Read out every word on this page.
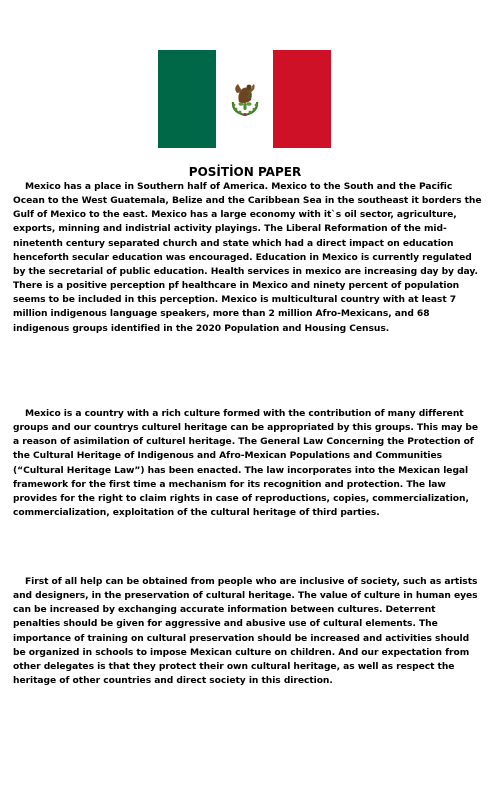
POSİTİON PAPER

Mexico has a place in Southern half of America. Mexico to the South and the Pacific Ocean to the West Guatemala, Belize and the Caribbean Sea in the southeast it borders the Gulf of Mexico to the east. Mexico has a large economy with it`s oil sector, agriculture, exports, minning and indistrial activity playings. The Liberal Reformation of the mid-ninetenth century separated church and state which had a direct impact on education henceforth secular education was encouraged. Education in Mexico is currently regulated by the secretarial of public education. Health services in mexico are increasing day by day. There is a positive perception pf healthcare in Mexico and ninety percent of population seems to be included in this perception. Mexico is multicultural country with at least 7 million indigenous language speakers, more than 2 million Afro-Mexicans, and 68 indigenous groups identified in the 2020 Population and Housing Census.

Mexico is a country with a rich culture formed with the contribution of many different groups and our countrys culturel heritage can be appropriated by this groups. This may be a reason of asimilation of culturel heritage. The General Law Concerning the Protection of the Cultural Heritage of Indigenous and Afro-Mexican Populations and Communities (“Cultural Heritage Law”) has been enacted. The law incorporates into the Mexican legal framework for the first time a mechanism for its recognition and protection. The law provides for the right to claim rights in case of reproductions, copies, commercialization, commercialization, exploitation of the cultural heritage of third parties.

First of all help can be obtained from people who are inclusive of society, such as artists and designers, in the preservation of cultural heritage. The value of culture in human eyes can be increased by exchanging accurate information between cultures. Deterrent penalties should be given for aggressive and abusive use of cultural elements. The importance of training on cultural preservation should be increased and activities should be organized in schools to impose Mexican culture on children. And our expectation from other delegates is that they protect their own cultural heritage, as well as respect the heritage of other countries and direct society in this direction.
